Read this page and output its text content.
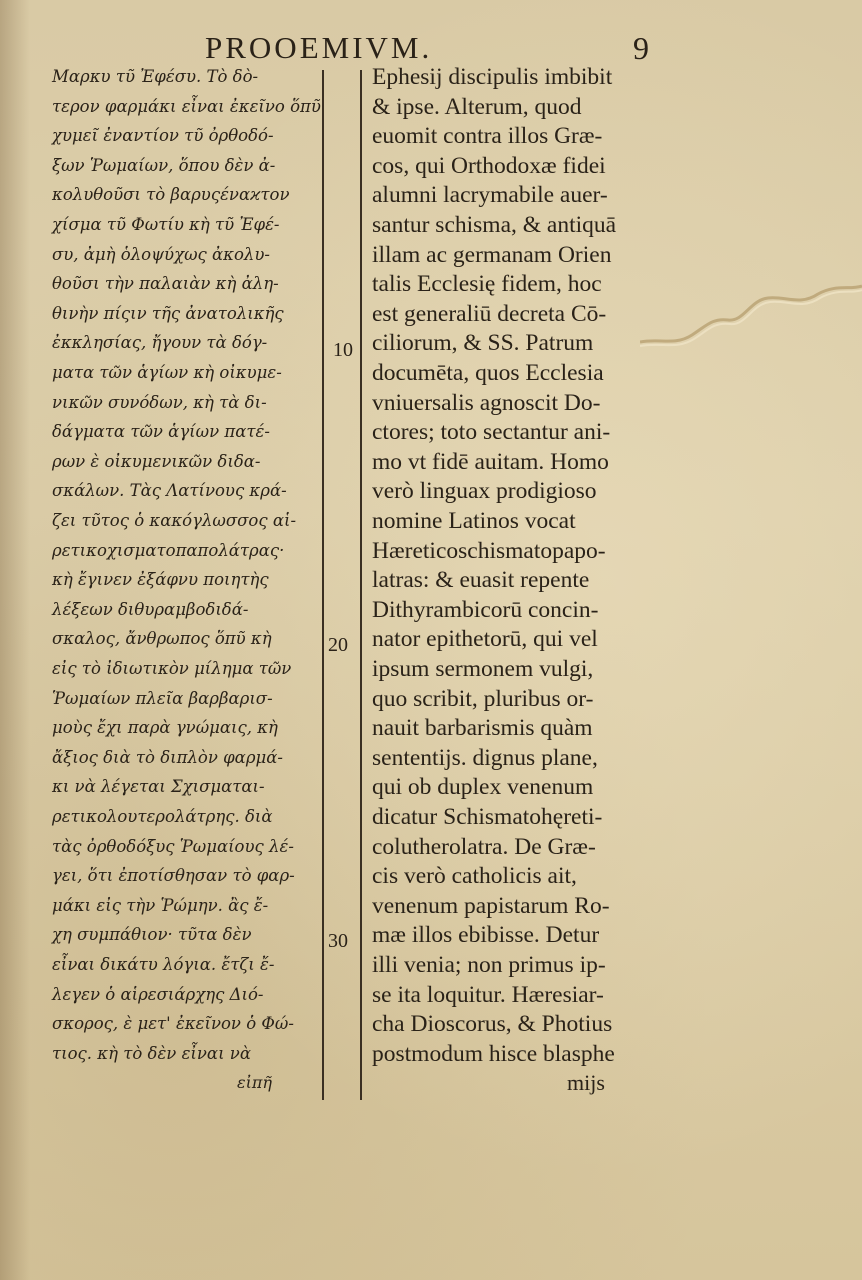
PROOEMIVM.	9
10
20
30
Μαρκυ τῦ Ἐφέσυ. Τὸ δὸ-
τερον φαρμάκι εἶναι ἐκεῖνο ὅπῦ
χυμεῖ ἐναντίον τῦ ὀρθοδό-
ξων Ῥωμαίων, ὅπου δὲν ἀ-
κολυθοῦσι τὸ βαρυςέναϰτον
χίσμα τῦ Φωτίυ κὴ τῦ Ἐφέ-
συ, ἀμὴ ὁλοψύχως ἀκολυ-
θοῦσι τὴν παλαιὰν κὴ ἀλη-
θινὴν πίςιν τῆς ἀνατολικῆς
ἐκκλησίας, ἤγουν τὰ δόγ-
ματα τῶν ἁγίων κὴ οἰκυμε-
νικῶν συνόδων, κὴ τὰ δι-
δάγματα τῶν ἁγίων πατέ-
ρων ὲ οἰκυμενικῶν διδα-
σκάλων. Τὰς Λατίνους κρά-
ζει τῦτος ὁ κακόγλωσσος αἱ-
ρετικοχισματοπαπολάτρας·
κὴ ἔγινεν ἐξάφνυ ποιητὴς
λέξεων διθυραμβοδιδά-
σκαλος, ἄνθρωπος ὅπῦ κὴ
εἰς τὸ ἰδιωτικὸν μίλημα τῶν
Ῥωμαίων πλεῖα βαρβαρισ-
μοὺς ἔχι παρὰ γνώμαις, κὴ
ἄξιος διὰ τὸ διπλὸν φαρμά-
κι νὰ λέγεται Σχισμαται-
ρετικολουτερολάτρης. διὰ
τὰς ὀρθοδόξυς Ῥωμαίους λέ-
γει, ὅτι ἐποτίσθησαν τὸ φαρ-
μάκι εἰς τὴν Ῥώμην. ἂς ἔ-
χη συμπάθιον· τῦτα δὲν
εἶναι δικάτυ λόγια. ἔτζι ἔ-
λεγεν ὁ αἱρεσιάρχης Διό-
σκορος, ὲ μετ' ἐκεῖνον ὁ Φώ-
τιος. κὴ τὸ δὲν εἶναι νὰ
εἰπῆ
Ephesij discipulis imbibit
& ipse. Alterum, quod
euomit contra illos Græ-
cos, qui Orthodoxæ fidei
alumni lacrymabile auer-
santur schisma, & antiquā
illam ac germanam Orien
talis Ecclesię fidem, hoc
est generaliū decreta Cō-
ciliorum, & SS. Patrum
documēta, quos Ecclesia
vniuersalis agnoscit Do-
ctores; toto sectantur ani-
mo vt fidē auitam. Homo
verò linguax prodigioso
nomine Latinos vocat
Hæreticoschismatopapo-
latras: & euasit repente
Dithyrambicorū concin-
nator epithetorū, qui vel
ipsum sermonem vulgi,
quo scribit, pluribus or-
nauit barbarismis quàm
sententijs. dignus plane,
qui ob duplex venenum
dicatur Schismatohęreti-
colutherolatra. De Græ-
cis verò catholicis ait,
venenum papistarum Ro-
mæ illos ebibisse. Detur
illi venia; non primus ip-
se ita loquitur. Hæresiar-
cha Dioscorus, & Photius
postmodum hisce blasphe
mijs
